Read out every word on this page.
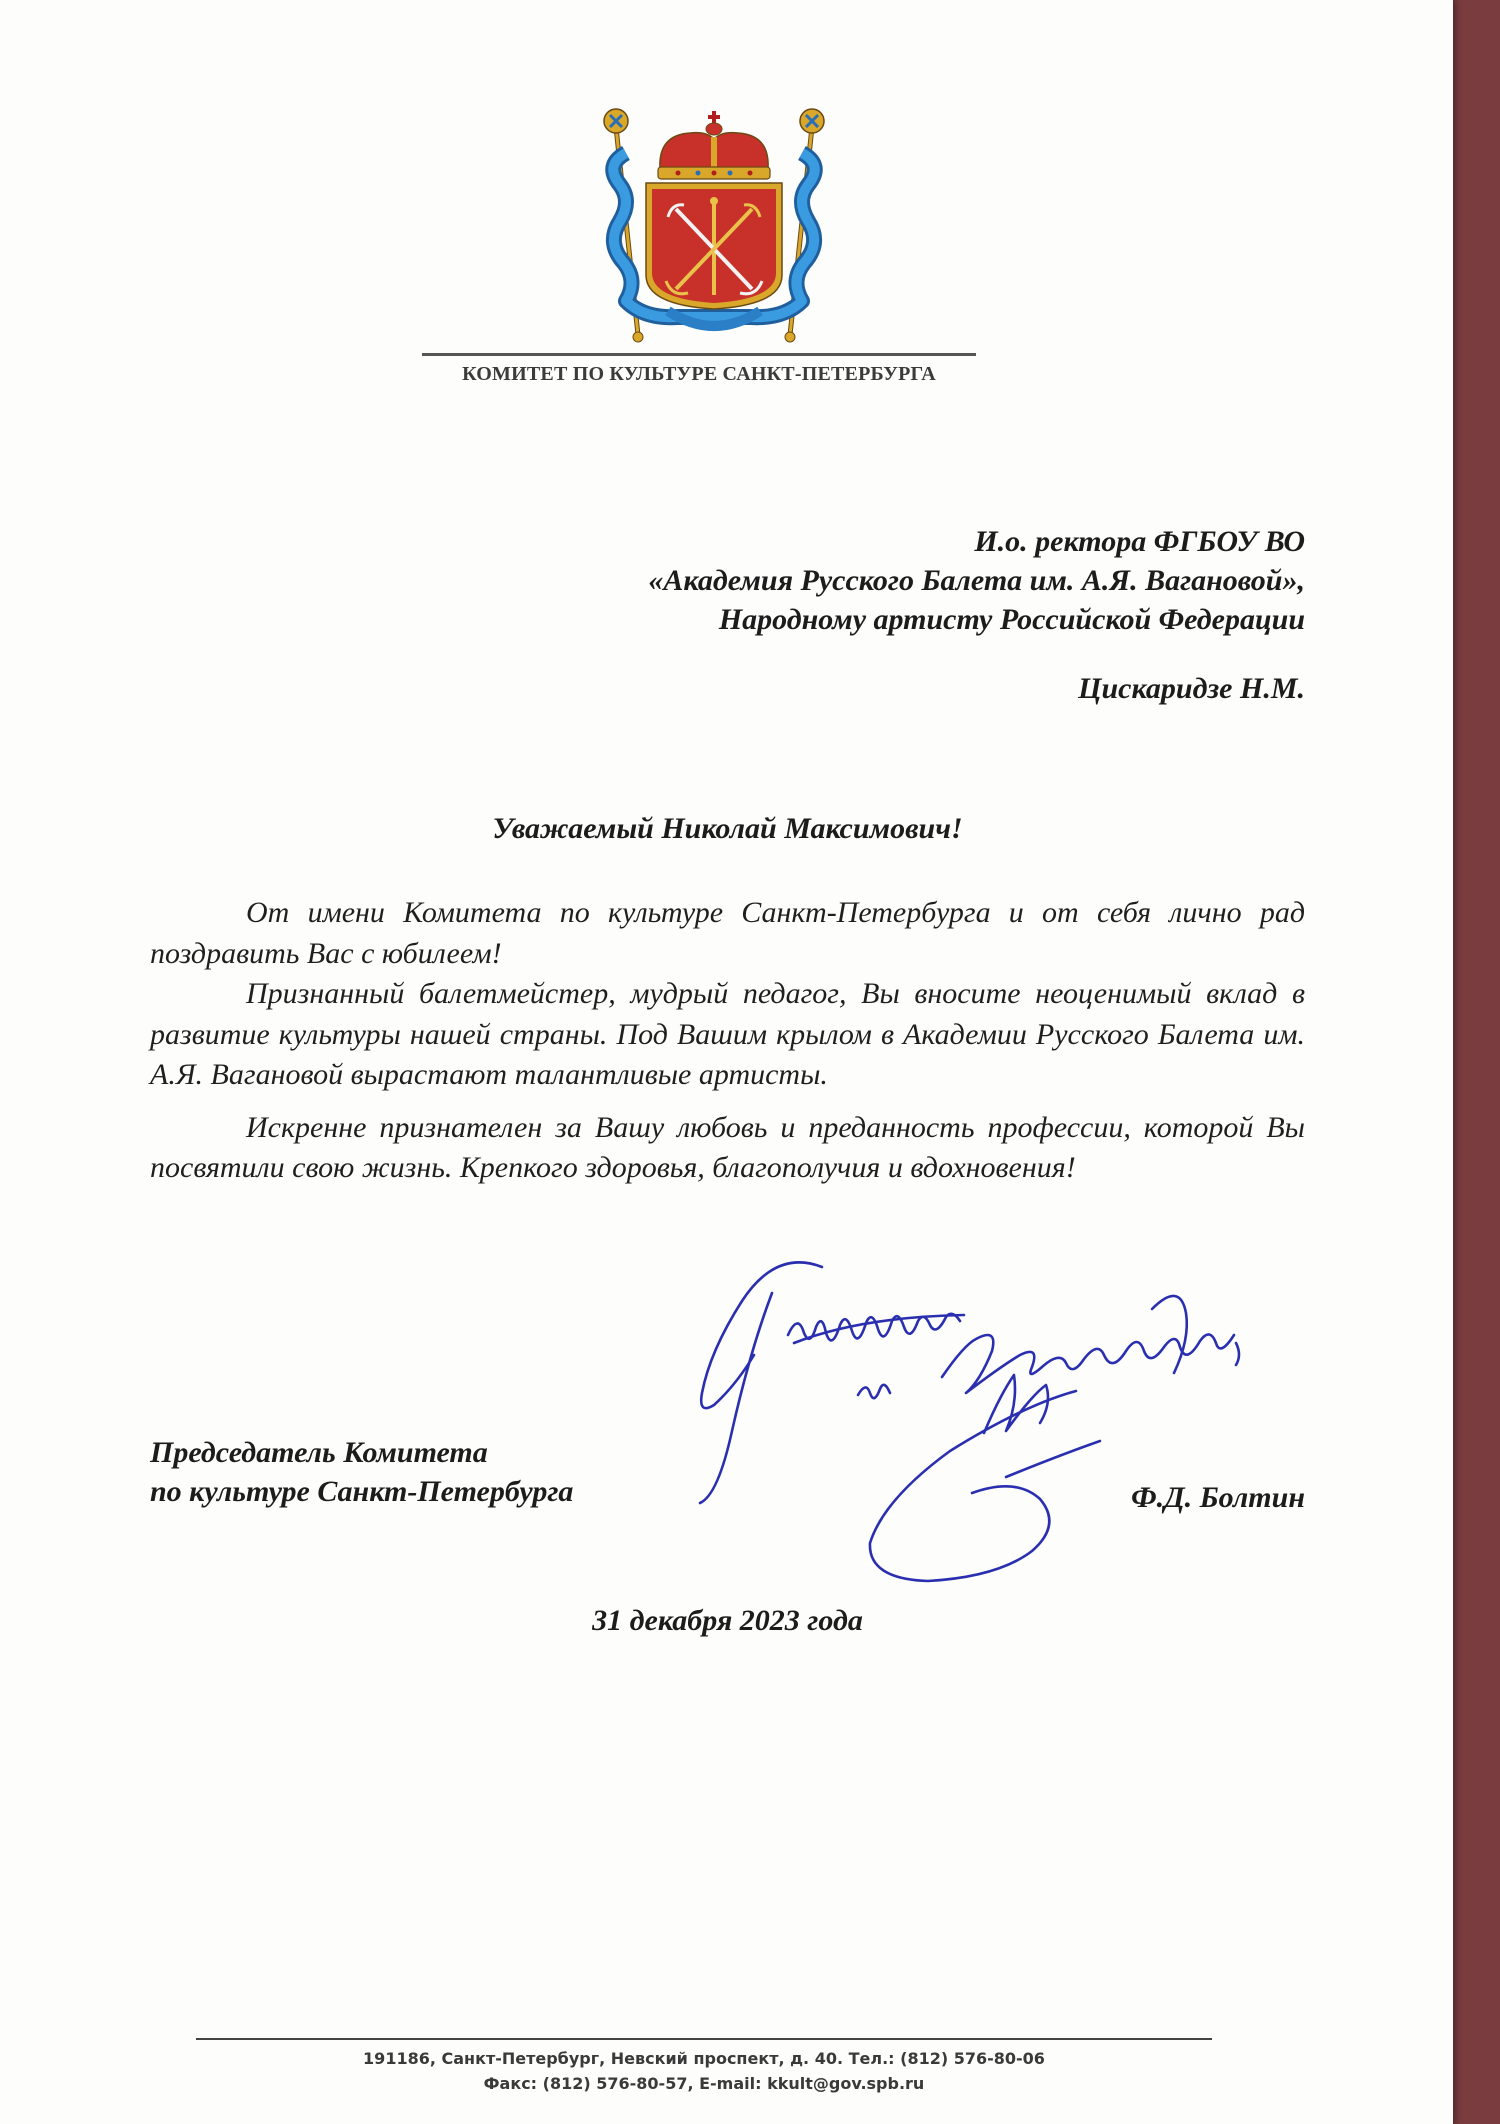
КОМИТЕТ ПО КУЛЬТУРЕ САНКТ-ПЕТЕРБУРГА
И.о. ректора ФГБОУ ВО
«Академия Русского Балета им. А.Я. Вагановой»,
Народному артисту Российской Федерации
Цискаридзе Н.М.
Уважаемый Николай Максимович!

От имени Комитета по культуре Санкт-Петербурга и от себя лично рад поздравить Вас с юбилеем!

Признанный балетмейстер, мудрый педагог, Вы вносите неоценимый вклад в развитие культуры нашей страны. Под Вашим крылом в Академии Русского Балета им. А.Я. Вагановой вырастают талантливые артисты.

Искренне признателен за Вашу любовь и преданность профессии, которой Вы посвятили свою жизнь. Крепкого здоровья, благополучия и вдохновения!

Председатель Комитета
по культуре Санкт-Петербурга	Ф.Д. Болтин
31 декабря 2023 года
191186, Санкт-Петербург, Невский проспект, д. 40. Тел.: (812) 576-80-06
Факс: (812) 576-80-57, E-mail: kkult@gov.spb.ru
